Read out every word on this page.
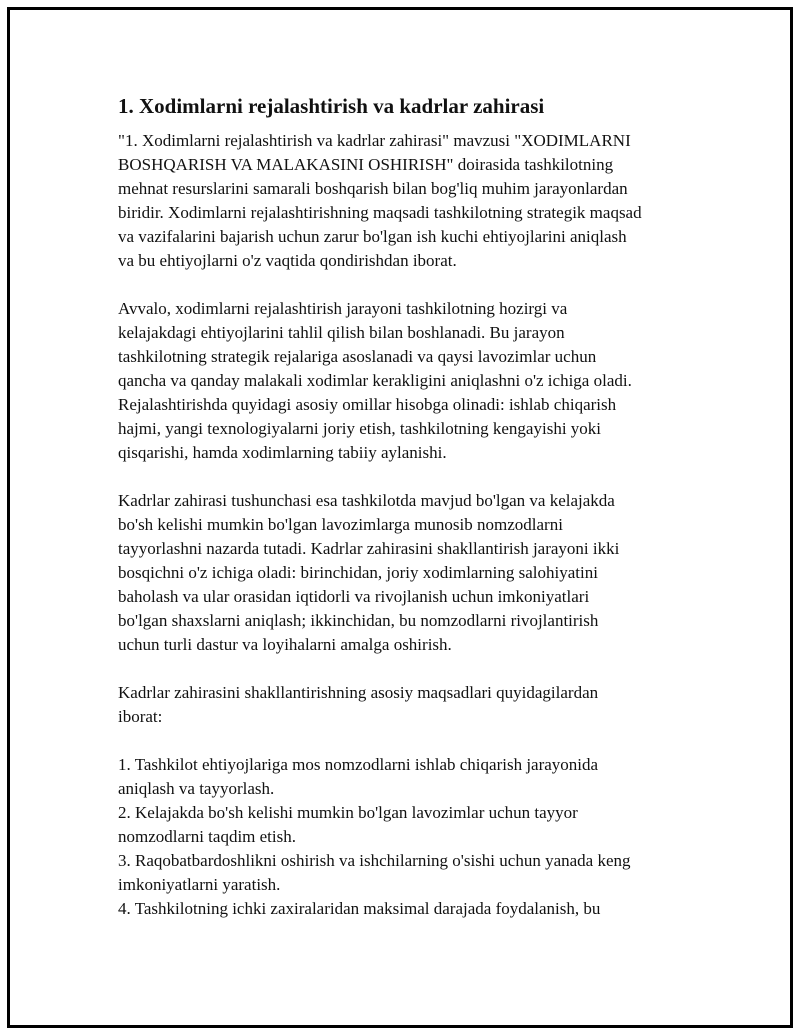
1. Xodimlarni rejalashtirish va kadrlar zahirasi

"1. Xodimlarni rejalashtirish va kadrlar zahirasi" mavzusi "XODIMLARNI
BOSHQARISH VA MALAKASINI OSHIRISH" doirasida tashkilotning
mehnat resurslarini samarali boshqarish bilan bog'liq muhim jarayonlardan
biridir. Xodimlarni rejalashtirishning maqsadi tashkilotning strategik maqsad
va vazifalarini bajarish uchun zarur bo'lgan ish kuchi ehtiyojlarini aniqlash
va bu ehtiyojlarni o'z vaqtida qondirishdan iborat.

Avvalo, xodimlarni rejalashtirish jarayoni tashkilotning hozirgi va
kelajakdagi ehtiyojlarini tahlil qilish bilan boshlanadi. Bu jarayon
tashkilotning strategik rejalariga asoslanadi va qaysi lavozimlar uchun
qancha va qanday malakali xodimlar kerakligini aniqlashni o'z ichiga oladi.
Rejalashtirishda quyidagi asosiy omillar hisobga olinadi: ishlab chiqarish
hajmi, yangi texnologiyalarni joriy etish, tashkilotning kengayishi yoki
qisqarishi, hamda xodimlarning tabiiy aylanishi.

Kadrlar zahirasi tushunchasi esa tashkilotda mavjud bo'lgan va kelajakda
bo'sh kelishi mumkin bo'lgan lavozimlarga munosib nomzodlarni
tayyorlashni nazarda tutadi. Kadrlar zahirasini shakllantirish jarayoni ikki
bosqichni o'z ichiga oladi: birinchidan, joriy xodimlarning salohiyatini
baholash va ular orasidan iqtidorli va rivojlanish uchun imkoniyatlari
bo'lgan shaxslarni aniqlash; ikkinchidan, bu nomzodlarni rivojlantirish
uchun turli dastur va loyihalarni amalga oshirish.

Kadrlar zahirasini shakllantirishning asosiy maqsadlari quyidagilardan
iborat:

1. Tashkilot ehtiyojlariga mos nomzodlarni ishlab chiqarish jarayonida
aniqlash va tayyorlash.
2. Kelajakda bo'sh kelishi mumkin bo'lgan lavozimlar uchun tayyor
nomzodlarni taqdim etish.
3. Raqobatbardoshlikni oshirish va ishchilarning o'sishi uchun yanada keng
imkoniyatlarni yaratish.
4. Tashkilotning ichki zaxiralaridan maksimal darajada foydalanish, bu
